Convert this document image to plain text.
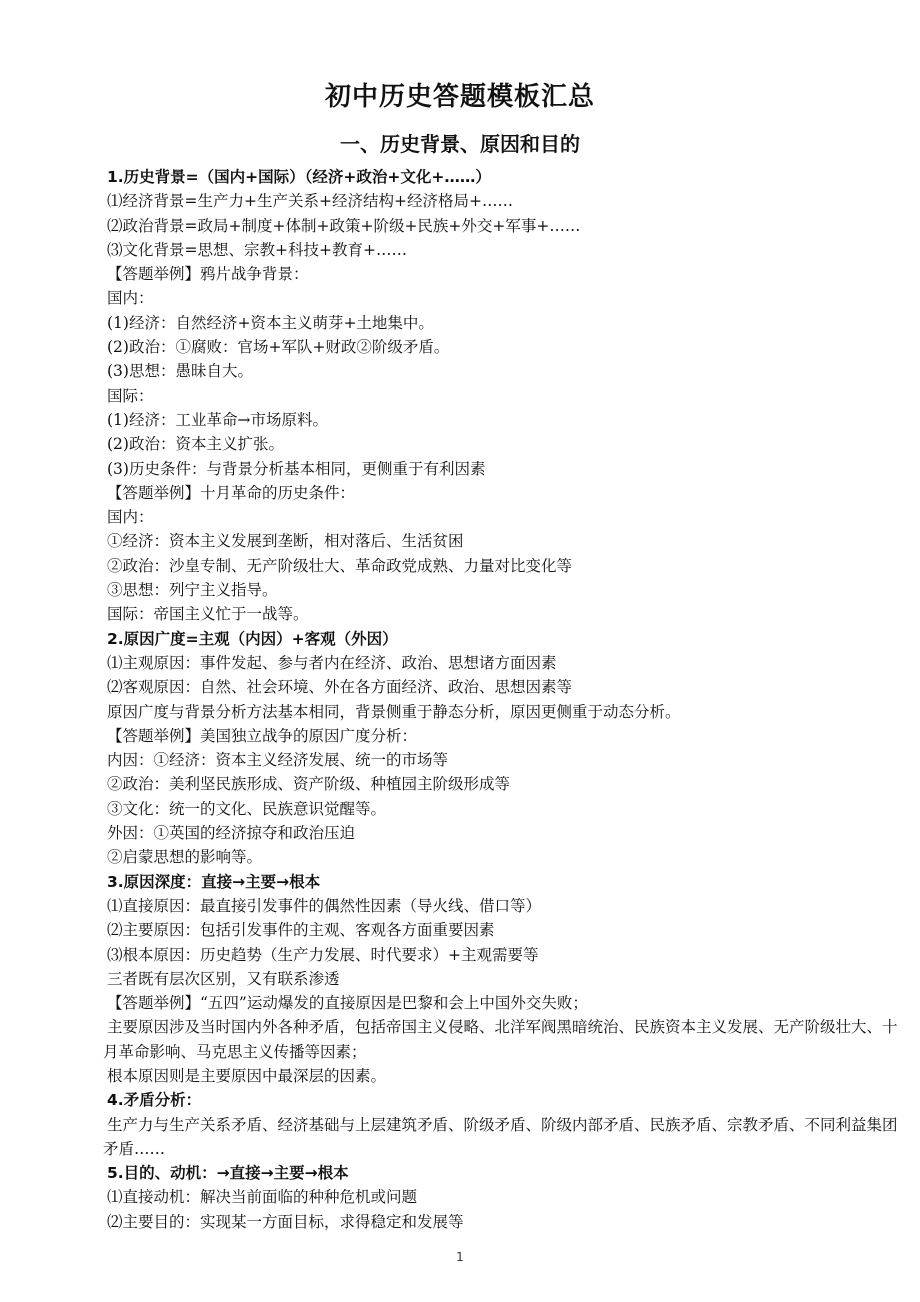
初中历史答题模板汇总
一、历史背景、原因和目的
1.历史背景=（国内+国际）（经济+政治+文化+……）
⑴经济背景=生产力+生产关系+经济结构+经济格局+……
⑵政治背景=政局+制度+体制+政策+阶级+民族+外交+军事+……
⑶文化背景=思想、宗教+科技+教育+……
【答题举例】鸦片战争背景：
国内：
(1)经济：自然经济+资本主义萌芽+土地集中。
(2)政治：①腐败：官场+军队+财政②阶级矛盾。
(3)思想：愚昧自大。
国际：
(1)经济：工业革命→市场原料。
(2)政治：资本主义扩张。
(3)历史条件：与背景分析基本相同，更侧重于有利因素
【答题举例】十月革命的历史条件：
国内：
①经济：资本主义发展到垄断，相对落后、生活贫困
②政治：沙皇专制、无产阶级壮大、革命政党成熟、力量对比变化等
③思想：列宁主义指导。
国际：帝国主义忙于一战等。
2.原因广度=主观（内因）+客观（外因）
⑴主观原因：事件发起、参与者内在经济、政治、思想诸方面因素
⑵客观原因：自然、社会环境、外在各方面经济、政治、思想因素等
原因广度与背景分析方法基本相同，背景侧重于静态分析，原因更侧重于动态分析。
【答题举例】美国独立战争的原因广度分析：
内因：①经济：资本主义经济发展、统一的市场等
②政治：美利坚民族形成、资产阶级、种植园主阶级形成等
③文化：统一的文化、民族意识觉醒等。
外因：①英国的经济掠夺和政治压迫
②启蒙思想的影响等。
3.原因深度：直接→主要→根本
⑴直接原因：最直接引发事件的偶然性因素（导火线、借口等）
⑵主要原因：包括引发事件的主观、客观各方面重要因素
⑶根本原因：历史趋势（生产力发展、时代要求）+主观需要等
三者既有层次区别，又有联系渗透
【答题举例】“五四”运动爆发的直接原因是巴黎和会上中国外交失败；
主要原因涉及当时国内外各种矛盾，包括帝国主义侵略、北洋军阀黑暗统治、民族资本主义发展、无产阶级壮大、十月革命影响、马克思主义传播等因素；
根本原因则是主要原因中最深层的因素。
4.矛盾分析：
生产力与生产关系矛盾、经济基础与上层建筑矛盾、阶级矛盾、阶级内部矛盾、民族矛盾、宗教矛盾、不同利益集团矛盾……
5.目的、动机：→直接→主要→根本
⑴直接动机：解决当前面临的种种危机或问题
⑵主要目的：实现某一方面目标，求得稳定和发展等
1
